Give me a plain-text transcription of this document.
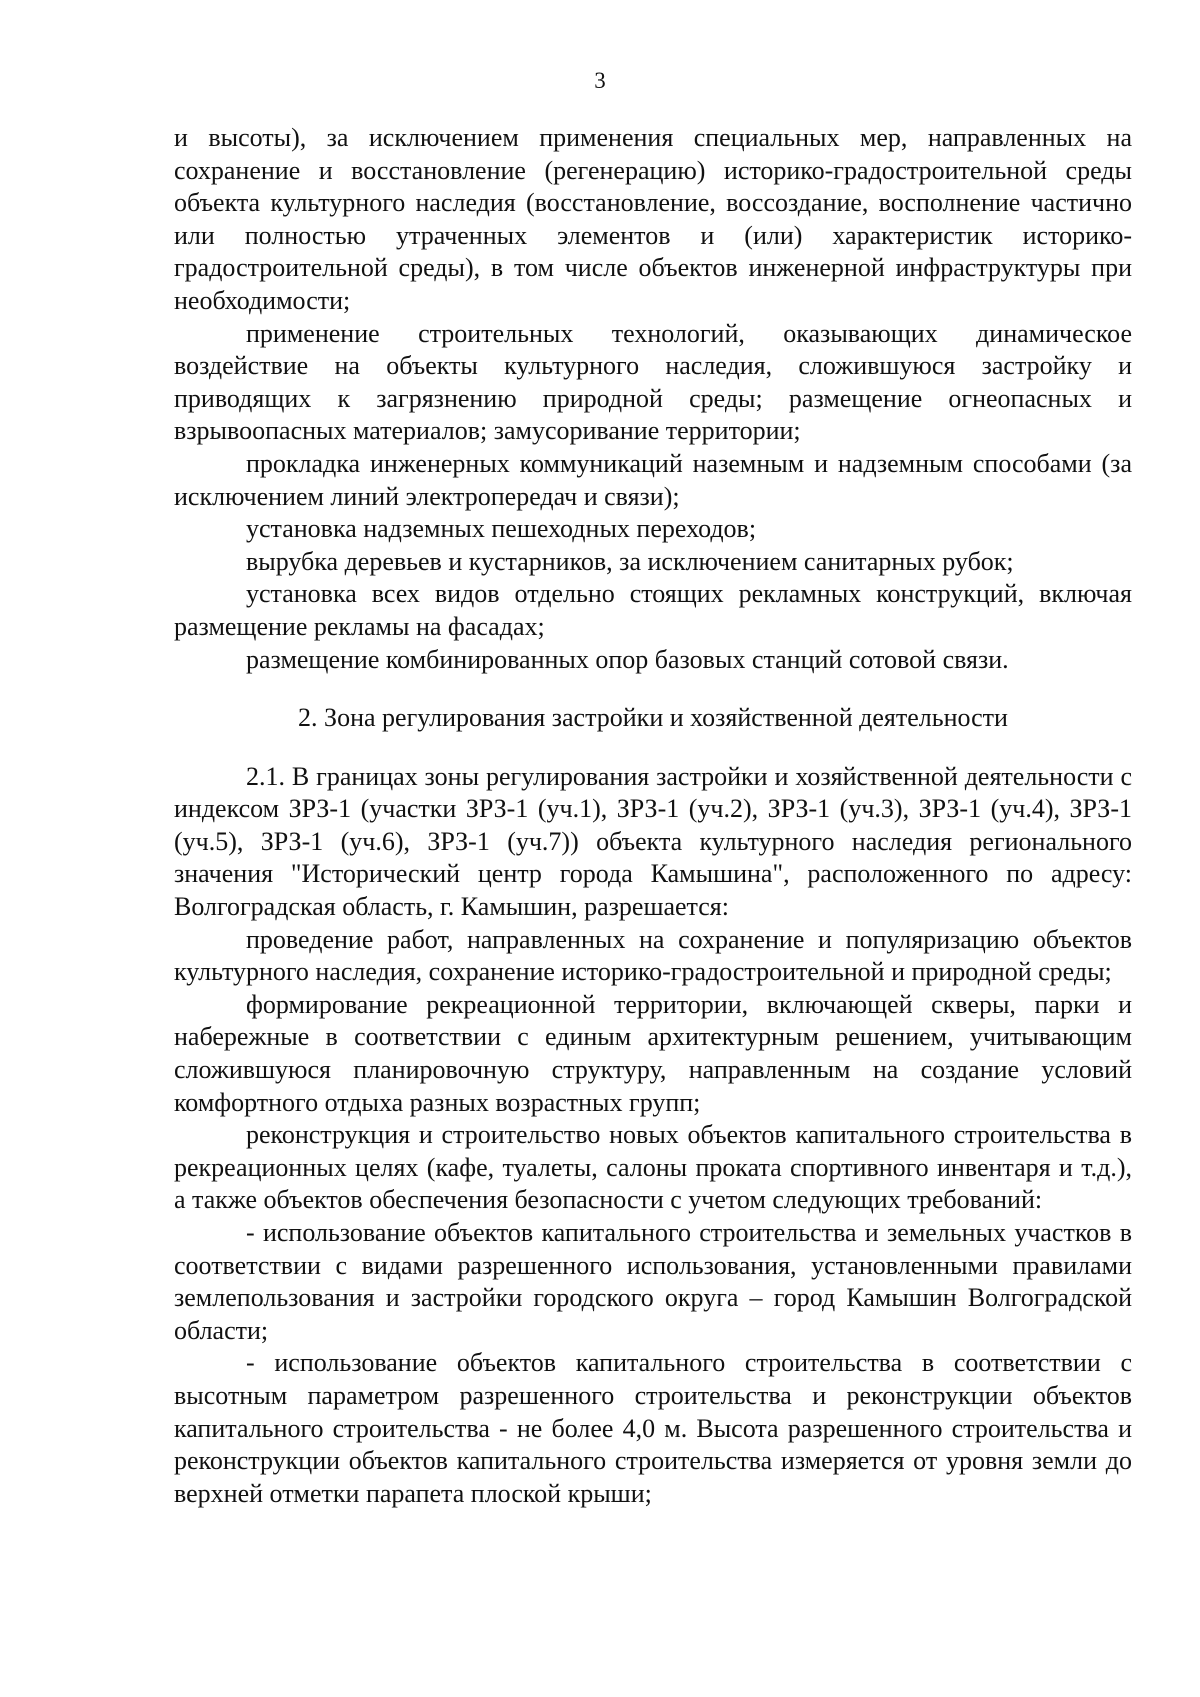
3

и высоты), за исключением применения специальных мер, направленных на сохранение и восстановление (регенерацию) историко-градостроительной среды объекта культурного наследия (восстановление, воссоздание, восполнение частично или полностью утраченных элементов и (или) характеристик историко-градостроительной среды), в том числе объектов инженерной инфраструктуры при необходимости;

применение строительных технологий, оказывающих динамическое воздействие на объекты культурного наследия, сложившуюся застройку и приводящих к загрязнению природной среды; размещение огнеопасных и взрывоопасных материалов; замусоривание территории;

прокладка инженерных коммуникаций наземным и надземным способами (за исключением линий электропередач и связи);

установка надземных пешеходных переходов;

вырубка деревьев и кустарников, за исключением санитарных рубок;

установка всех видов отдельно стоящих рекламных конструкций, включая размещение рекламы на фасадах;

размещение комбинированных опор базовых станций сотовой связи.

2. Зона регулирования застройки и хозяйственной деятельности

2.1. В границах зоны регулирования застройки и хозяйственной деятельности с индексом ЗРЗ-1 (участки ЗРЗ-1 (уч.1), ЗРЗ-1 (уч.2), ЗРЗ-1 (уч.3), ЗРЗ-1 (уч.4), ЗРЗ-1 (уч.5), ЗРЗ-1 (уч.6), ЗРЗ-1 (уч.7)) объекта культурного наследия регионального значения "Исторический центр города Камышина", расположенного по адресу: Волгоградская область, г. Камышин, разрешается:

проведение работ, направленных на сохранение и популяризацию объектов культурного наследия, сохранение историко-градостроительной и природной среды;

формирование рекреационной территории, включающей скверы, парки и набережные в соответствии с единым архитектурным решением, учитывающим сложившуюся планировочную структуру, направленным на создание условий комфортного отдыха разных возрастных групп;

реконструкция и строительство новых объектов капитального строительства в рекреационных целях (кафе, туалеты, салоны проката спортивного инвентаря и т.д.), а также объектов обеспечения безопасности с учетом следующих требований:

- использование объектов капитального строительства и земельных участков в соответствии с видами разрешенного использования, установленными правилами землепользования и застройки городского округа – город Камышин Волгоградской области;

- использование объектов капитального строительства в соответствии с высотным параметром разрешенного строительства и реконструкции объектов капитального строительства - не более 4,0 м. Высота разрешенного строительства и реконструкции объектов капитального строительства измеряется от уровня земли до верхней отметки парапета плоской крыши;
